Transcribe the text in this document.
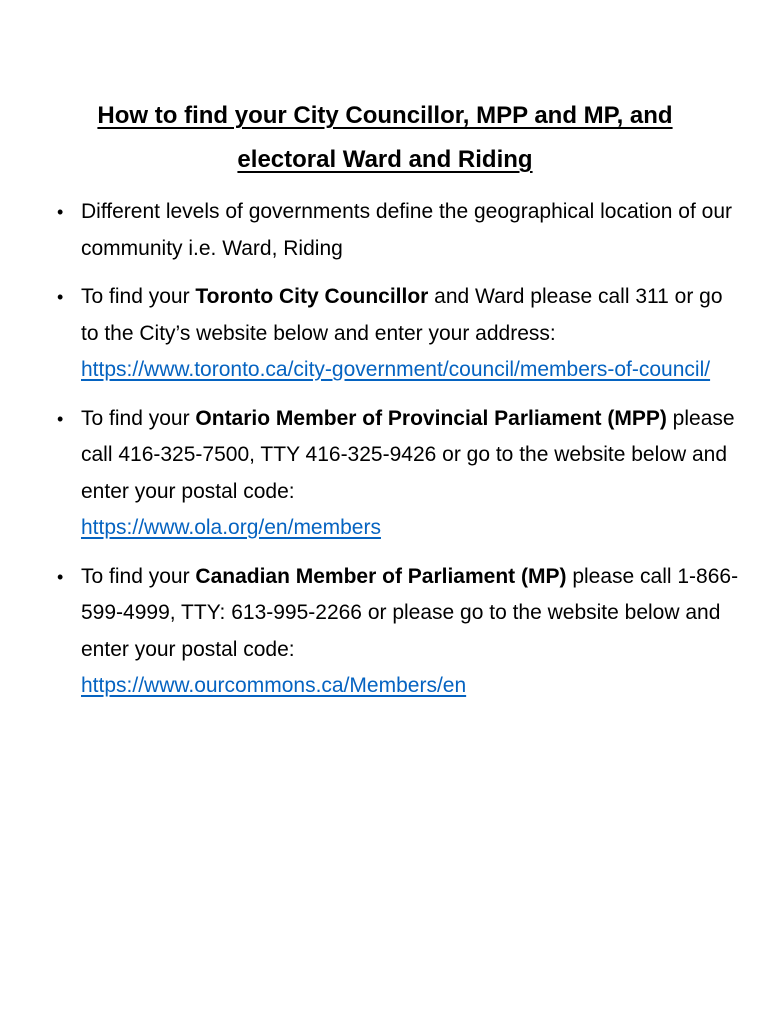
How to find your City Councillor, MPP and MP, and
electoral Ward and Riding
• Different levels of governments define the geographical location of our community i.e. Ward, Riding
• To find your Toronto City Councillor and Ward please call 311 or go to the City’s website below and enter your address:
https://www.toronto.ca/city-government/council/members-of-council/
• To find your Ontario Member of Provincial Parliament (MPP) please call 416-325-7500, TTY 416-325-9426 or go to the website below and enter your postal code:
https://www.ola.org/en/members
• To find your Canadian Member of Parliament (MP) please call 1-866-599-4999, TTY: 613-995-2266 or please go to the website below and enter your postal code:
https://www.ourcommons.ca/Members/en
